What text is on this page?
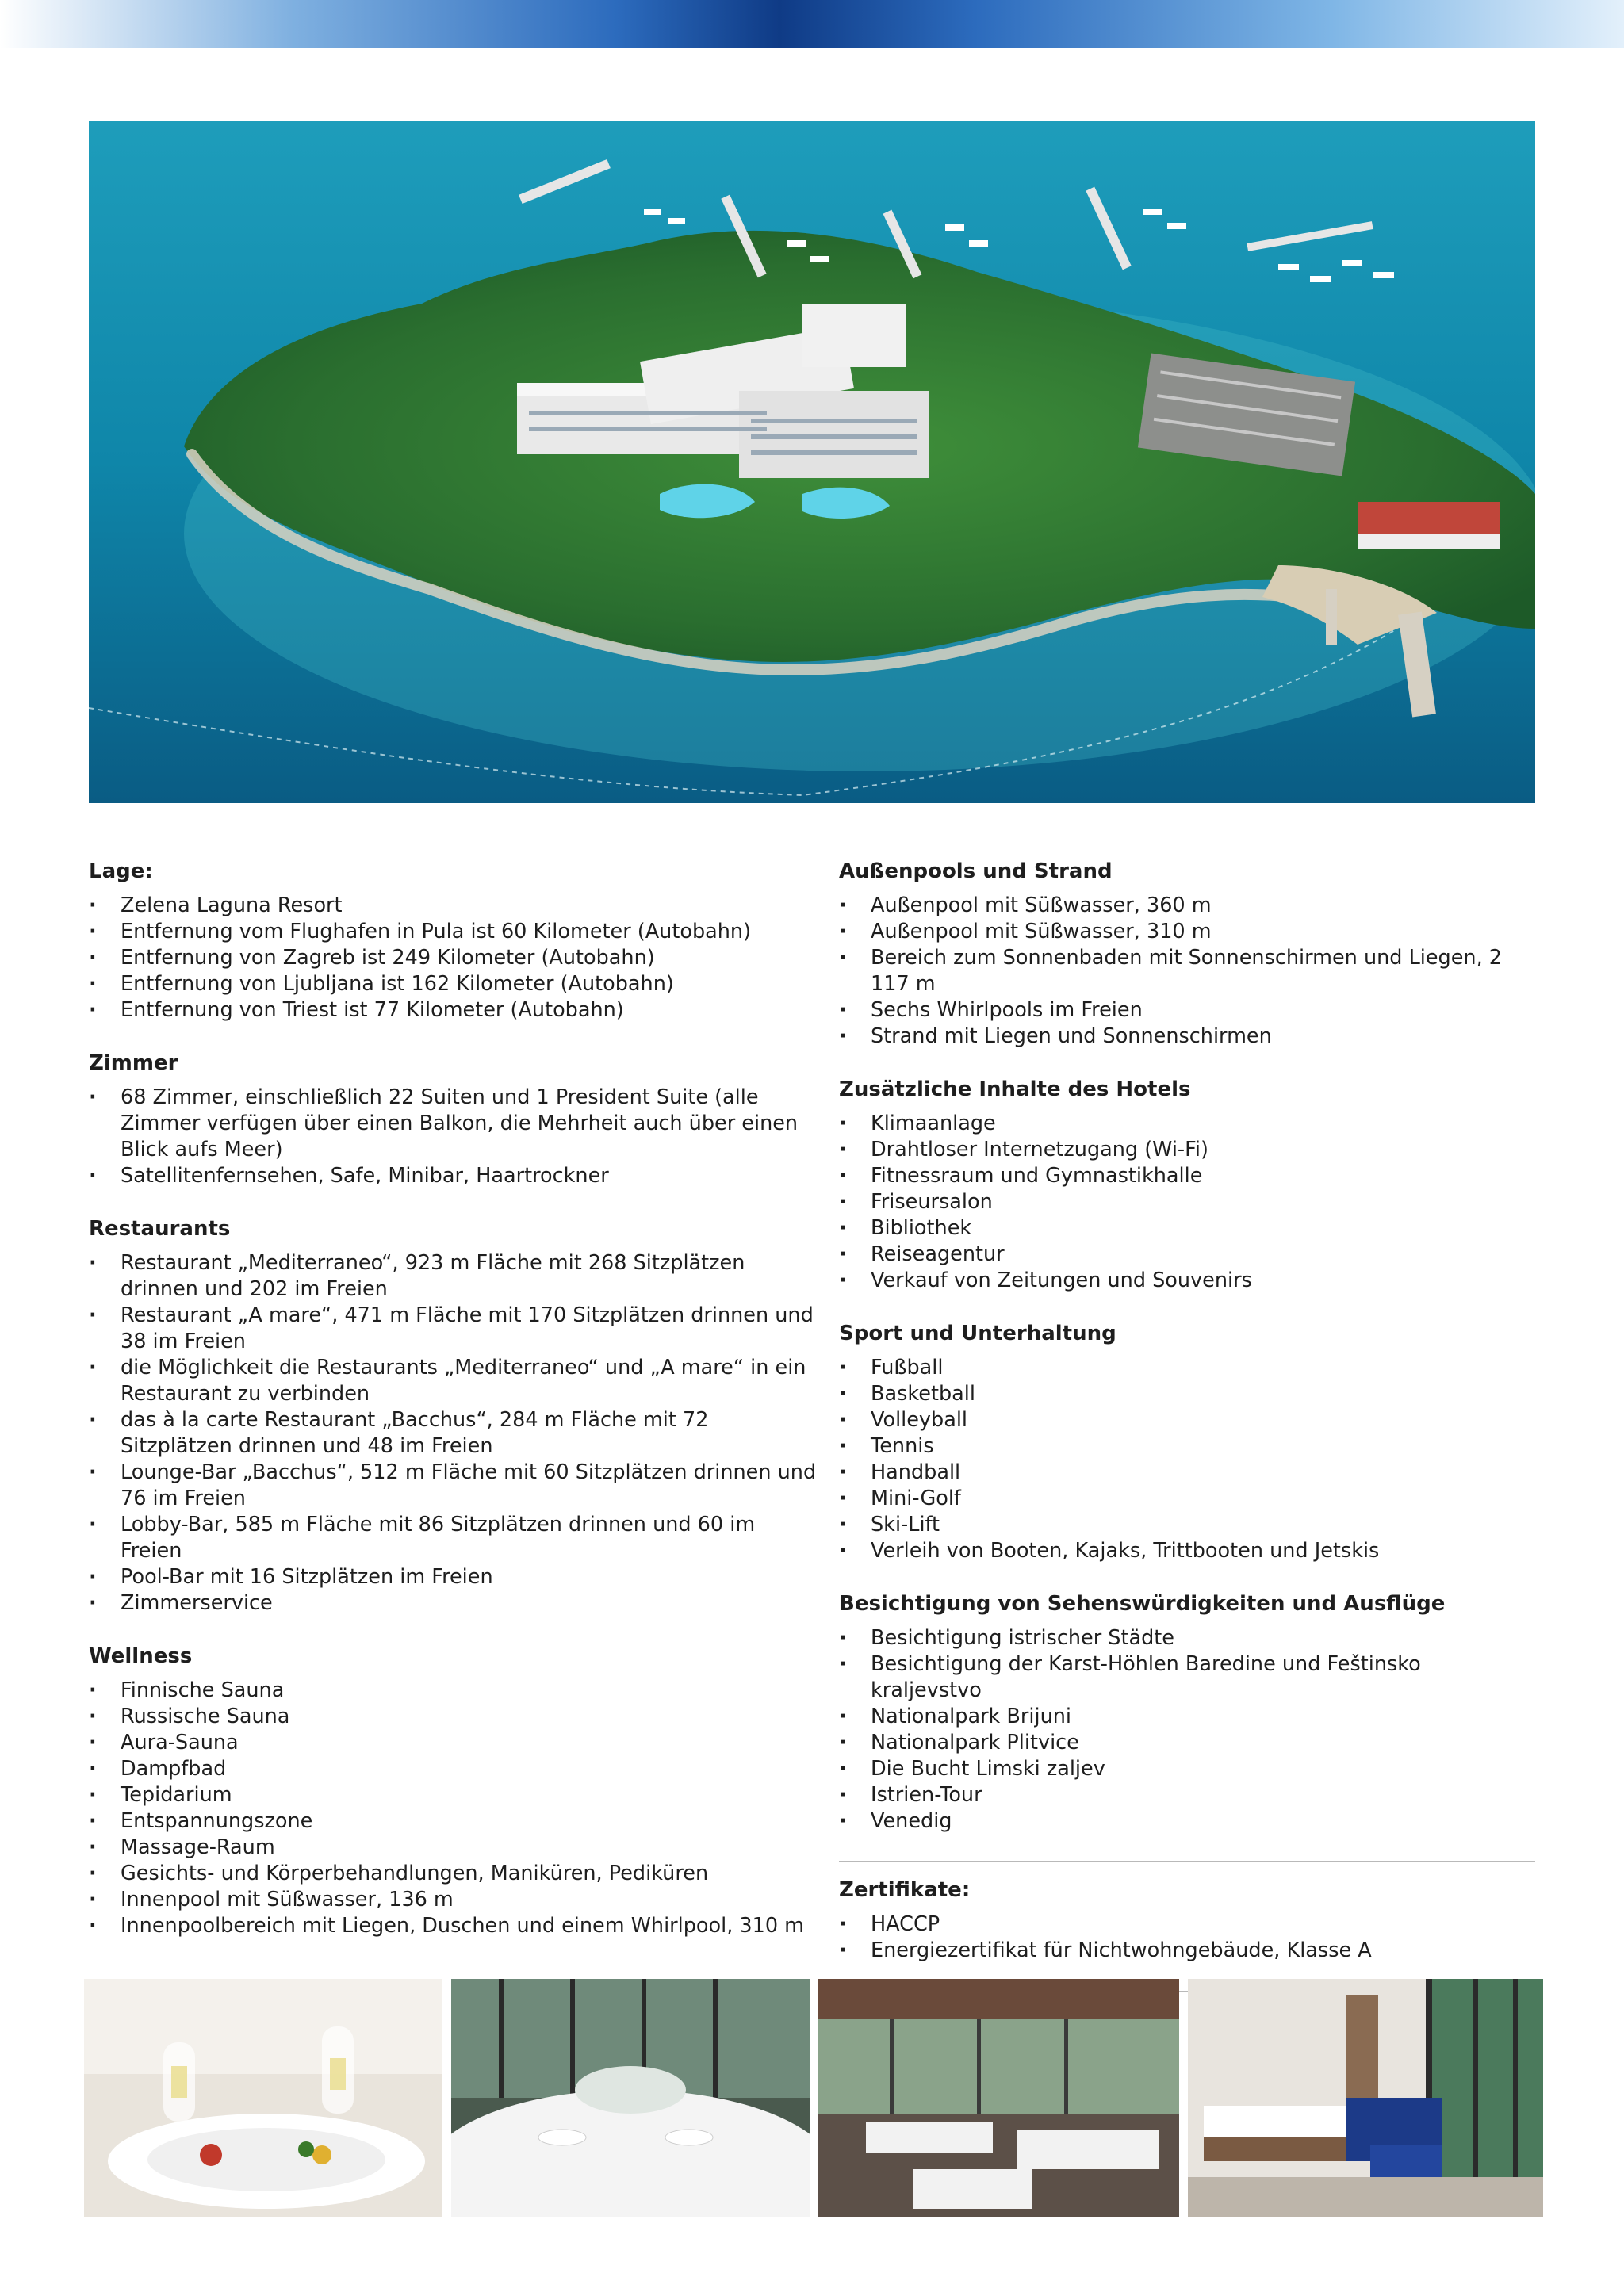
Lage:
· Zelena Laguna Resort
· Entfernung vom Flughafen in Pula ist 60 Kilometer (Autobahn)
· Entfernung von Zagreb ist 249 Kilometer (Autobahn)
· Entfernung von Ljubljana ist 162 Kilometer (Autobahn)
· Entfernung von Triest ist 77 Kilometer (Autobahn)
Zimmer
· 68 Zimmer, einschließlich 22 Suiten und 1 President Suite (alle Zimmer verfügen über einen Balkon, die Mehrheit auch über einen Blick aufs Meer)
· Satellitenfernsehen, Safe, Minibar, Haartrockner
Restaurants
· Restaurant „Mediterraneo“, 923 m Fläche mit 268 Sitzplätzen drinnen und 202 im Freien
· Restaurant „A mare“, 471 m Fläche mit 170 Sitzplätzen drinnen und 38 im Freien
· die Möglichkeit die Restaurants „Mediterraneo“ und „A mare“ in ein Restaurant zu verbinden
· das à la carte Restaurant „Bacchus“, 284 m Fläche mit 72 Sitzplätzen drinnen und 48 im Freien
· Lounge-Bar „Bacchus“, 512 m Fläche mit 60 Sitzplätzen drinnen und 76 im Freien
· Lobby-Bar, 585 m Fläche mit 86 Sitzplätzen drinnen und 60 im Freien
· Pool-Bar mit 16 Sitzplätzen im Freien
· Zimmerservice
Wellness
· Finnische Sauna
· Russische Sauna
· Aura-Sauna
· Dampfbad
· Tepidarium
· Entspannungszone
· Massage-Raum
· Gesichts- und Körperbehandlungen, Maniküren, Pediküren
· Innenpool mit Süßwasser, 136 m
· Innenpoolbereich mit Liegen, Duschen und einem Whirlpool, 310 m
Außenpools und Strand
· Außenpool mit Süßwasser, 360 m
· Außenpool mit Süßwasser, 310 m
· Bereich zum Sonnenbaden mit Sonnenschirmen und Liegen, 2 117 m
· Sechs Whirlpools im Freien
· Strand mit Liegen und Sonnenschirmen
Zusätzliche Inhalte des Hotels
· Klimaanlage
· Drahtloser Internetzugang (Wi-Fi)
· Fitnessraum und Gymnastikhalle
· Friseursalon
· Bibliothek
· Reiseagentur
· Verkauf von Zeitungen und Souvenirs
Sport und Unterhaltung
· Fußball
· Basketball
· Volleyball
· Tennis
· Handball
· Mini-Golf
· Ski-Lift
· Verleih von Booten, Kajaks, Trittbooten und Jetskis
Besichtigung von Sehenswürdigkeiten und Ausflüge
· Besichtigung istrischer Städte
· Besichtigung der Karst-Höhlen Baredine und Feštinsko kraljevstvo
· Nationalpark Brijuni
· Nationalpark Plitvice
· Die Bucht Limski zaljev
· Istrien-Tour
· Venedig
Zertifikate:
· HACCP
· Energiezertifikat für Nichtwohngebäude, Klasse A
